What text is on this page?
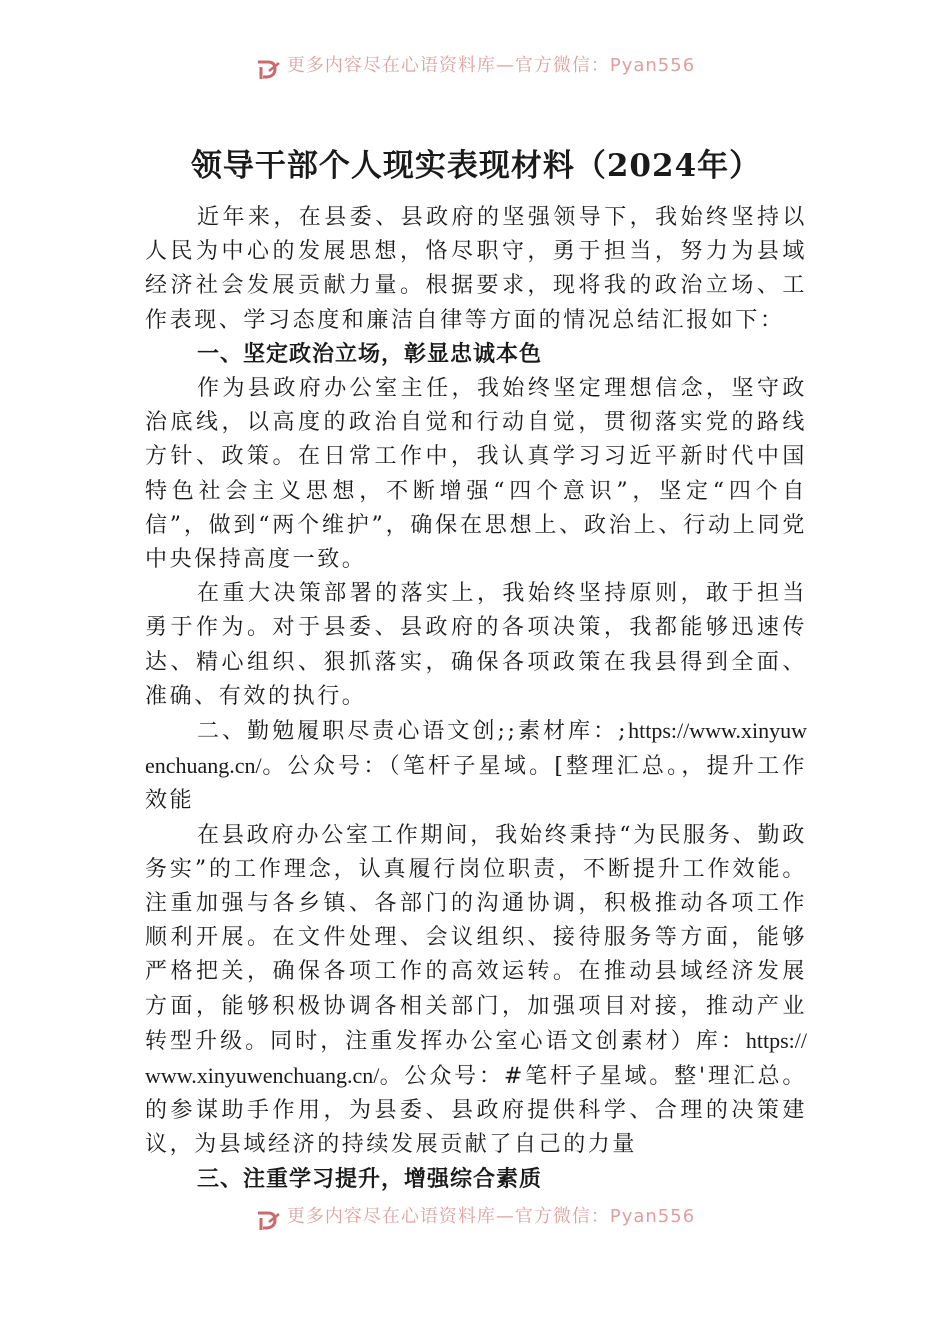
更多内容尽在心语资料库—官方微信：Pyan556
领导干部个人现实表现材料（2024年）

近年来，在县委、县政府的坚强领导下，我始终坚持以人民为中心的发展思想，恪尽职守，勇于担当，努力为县域经济社会发展贡献力量。根据要求，现将我的政治立场、工作表现、学习态度和廉洁自律等方面的情况总结汇报如下：

一、坚定政治立场，彰显忠诚本色

作为县政府办公室主任，我始终坚定理想信念，坚守政治底线，以高度的政治自觉和行动自觉，贯彻落实党的路线方针、政策。在日常工作中，我认真学习习近平新时代中国特色社会主义思想，不断增强“四个意识”，坚定“四个自信”，做到“两个维护”，确保在思想上、政治上、行动上同党中央保持高度一致。

在重大决策部署的落实上，我始终坚持原则，敢于担当勇于作为。对于县委、县政府的各项决策，我都能够迅速传达、精心组织、狠抓落实，确保各项政策在我县得到全面、准确、有效的执行。

二、勤勉履职尽责心语文创;;素材库：;https://www.xinyuwenchuang.cn/。公众号：（笔杆子星域。[整理汇总。，提升工作效能

在县政府办公室工作期间，我始终秉持“为民服务、勤政务实”的工作理念，认真履行岗位职责，不断提升工作效能。注重加强与各乡镇、各部门的沟通协调，积极推动各项工作顺利开展。在文件处理、会议组织、接待服务等方面，能够严格把关，确保各项工作的高效运转。在推动县域经济发展方面，能够积极协调各相关部门，加强项目对接，推动产业转型升级。同时，注重发挥办公室心语文创素材）库：https://www.xinyuwenchuang.cn/。公众号：#笔杆子星域。整'理汇总。的参谋助手作用，为县委、县政府提供科学、合理的决策建议，为县域经济的持续发展贡献了自己的力量

三、注重学习提升，增强综合素质

更多内容尽在心语资料库—官方微信：Pyan556
